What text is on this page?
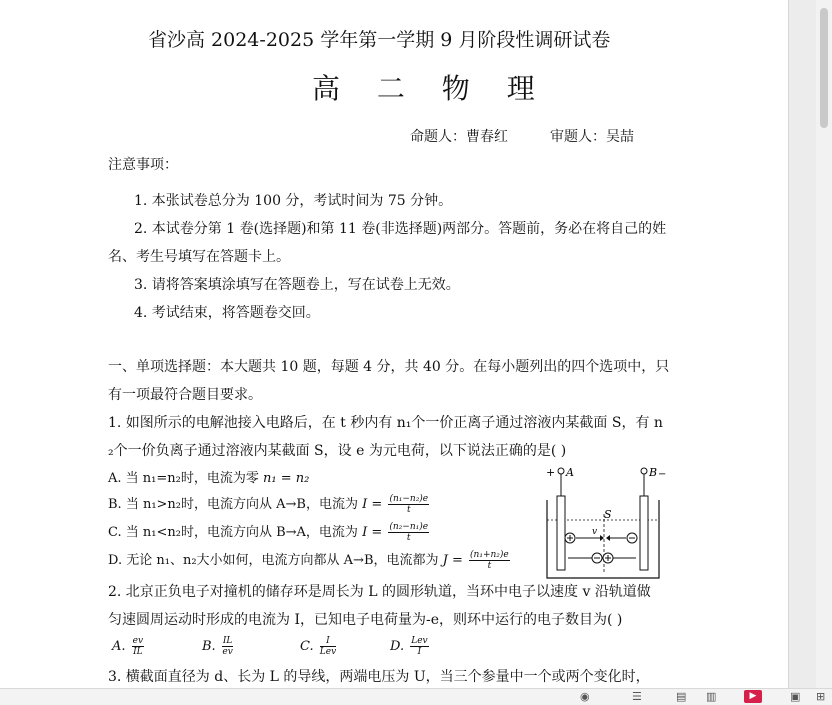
省沙高 2024-2025 学年第一学期 9 月阶段性调研试卷
高 二 物 理
命题人：曹春红　　　审题人：吴喆
注意事项：
1. 本张试卷总分为 100 分，考试时间为 75 分钟。
2. 本试卷分第 1 卷(选择题)和第 11 卷(非选择题)两部分。答题前，务必在将自己的姓
名、考生号填写在答题卡上。
3. 请将答案填涂填写在答题卷上，写在试卷上无效。
4. 考试结束，将答题卷交回。
一、单项选择题：本大题共 10 题，每题 4 分，共 40 分。在每小题列出的四个选项中，只
有一项最符合题目要求。
1. 如图所示的电解池接入电路后，在 t 秒内有 n₁个一价正离子通过溶液内某截面 S，有 n
₂个一价负离子通过溶液内某截面 S，设 e 为元电荷，以下说法正确的是( )
A. 当 n₁=n₂时，电流为零 n₁ = n₂
B. 当 n₁>n₂时，电流方向从 A→B，电流为 $I = \frac{\text{(n₁−n₂)e}}{t}$
C. 当 n₁<n₂时，电流方向从 B→A，电流为 $I = \frac{\text{(n₂−n₁)e}}{t}$
D. 无论 n₁、n₂大小如何，电流方向都从 A→B，电流都为 $J = \frac{\text{(n₁+n₂)e}}{t}$
+ A	B −
S
v
2. 北京正负电子对撞机的储存环是周长为 L 的圆形轨道，当环中电子以速度 v 沿轨道做
匀速圆周运动时形成的电流为 I，已知电子电荷量为-e，则环中运行的电子数目为( )
A. $\frac{ev}{IL}$	B. $\frac{IL}{ev}$	C. $\frac{I}{\text{Lev}}$	D. $\frac{\text{Lev}}{I}$
3. 横截面直径为 d、长为 L 的导线，两端电压为 U，当三个参量中一个或两个变化时，
◉	☰	▤ ▥	▶	▣ ⊞
